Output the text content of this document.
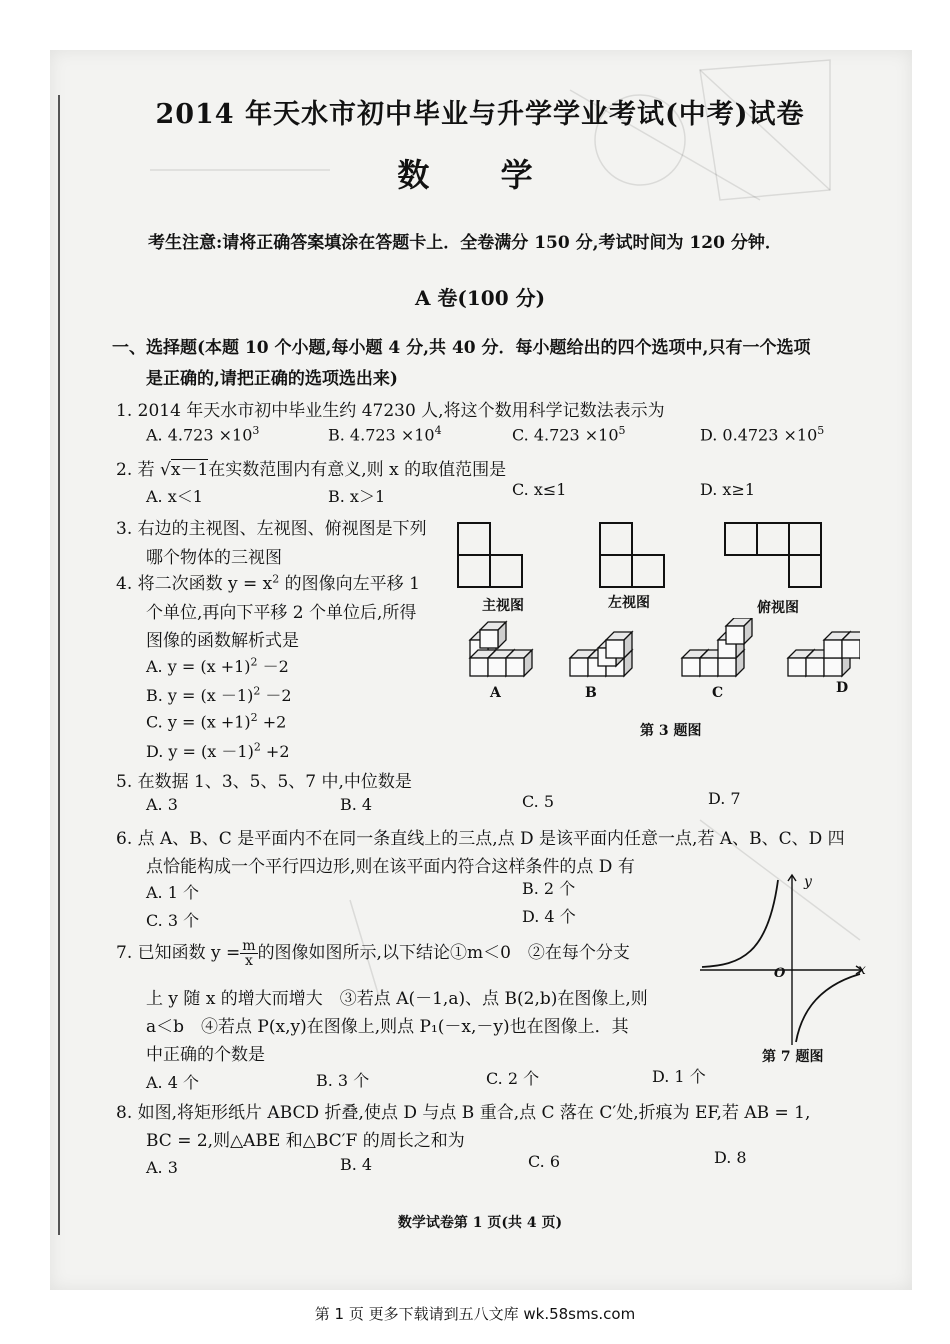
2014 年天水市初中毕业与升学学业考试(中考)试卷
数 学
考生注意:请将正确答案填涂在答题卡上．全卷满分 150 分,考试时间为 120 分钟．
A 卷(100 分)
一、选择题(本题 10 个小题,每小题 4 分,共 40 分．每小题给出的四个选项中,只有一个选项
是正确的,请把正确的选项选出来)
1. 2014 年天水市初中毕业生约 47230 人,将这个数用科学记数法表示为
A. $4.723 \times 10^3$	B. $4.723 \times 10^4$	C. $4.723 \times 10^5$	D. $0.4723 \times 10^5$
2. 若 √x－1在实数范围内有意义,则 x 的取值范围是
A. x＜1	B. x＞1	C. x≤1	D. x≥1
3. 右边的主视图、左视图、俯视图是下列
哪个物体的三视图
主视图	左视图	俯视图
A	B	C	D
第 3 题图
4. 将二次函数 $y = x^2$ 的图像向左平移 1
个单位,再向下平移 2 个单位后,所得
图像的函数解析式是
A. $y = (x +1)^2 -2$
B. $y = (x -1)^2 -2$
C. $y = (x +1)^2 +2$
D. $y = (x -1)^2 +2$
5. 在数据 1、3、5、5、7 中,中位数是
A. 3	B. 4	C. 5	D. 7
6. 点 A、B、C 是平面内不在同一条直线上的三点,点 D 是该平面内任意一点,若 A、B、C、D 四
点恰能构成一个平行四边形,则在该平面内符合这样条件的点 D 有
A. 1 个	B. 2 个
C. 3 个	D. 4 个
7. 已知函数 $y = \frac{m}{x}$ 的图像如图所示,以下结论①m＜0　②在每个分支
上 y 随 x 的增大而增大　③若点 A(－1,a)、点 B(2,b)在图像上,则
a＜b　④若点 P(x,y)在图像上,则点 P₁(－x,－y)也在图像上．其
中正确的个数是
A. 4 个	B. 3 个	C. 2 个	D. 1 个
y
x
O
第 7 题图
8. 如图,将矩形纸片 ABCD 折叠,使点 D 与点 B 重合,点 C 落在 C′处,折痕为 EF,若 AB = 1,
BC = 2,则△ABE 和△BC′F 的周长之和为
A. 3	B. 4	C. 6	D. 8
数学试卷第 1 页(共 4 页)
第 1 页 更多下载请到五八文库 wk.58sms.com
